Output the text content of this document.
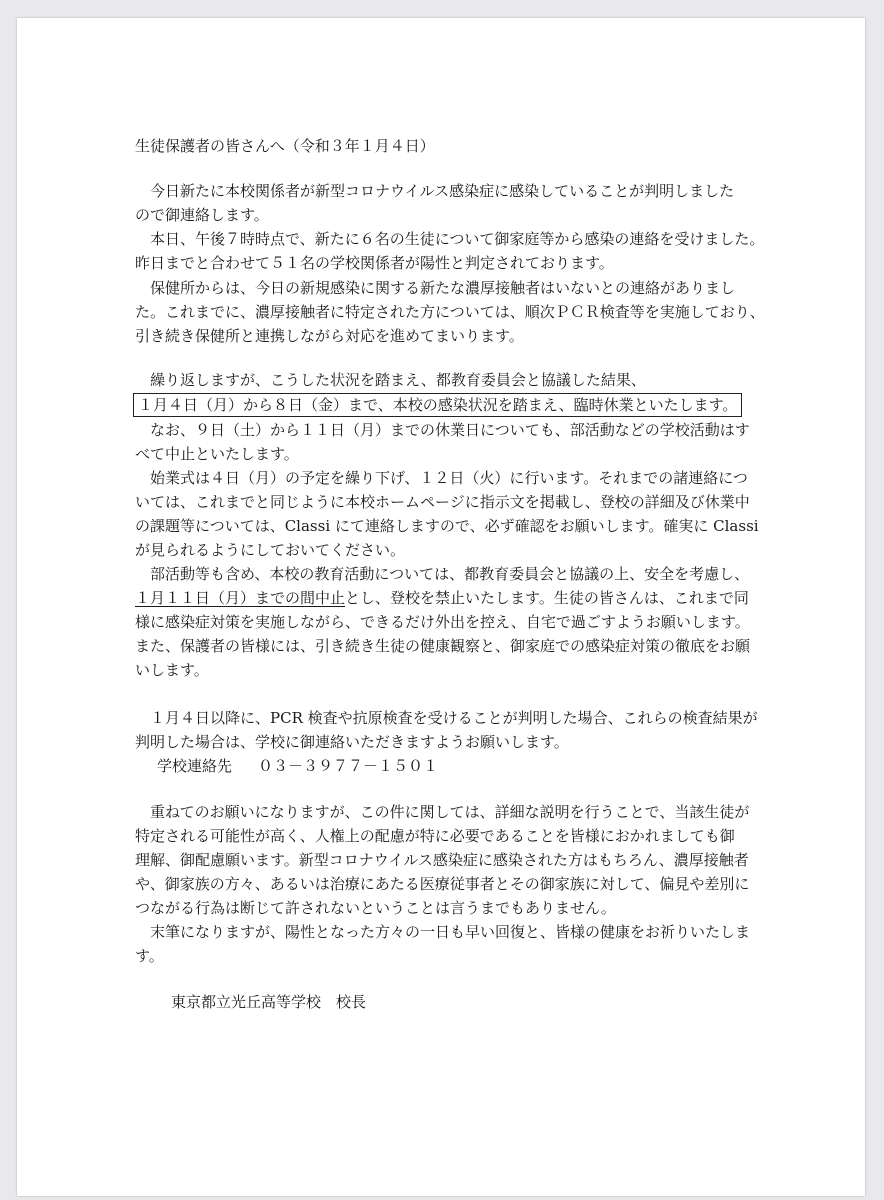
生徒保護者の皆さんへ（令和３年１月４日）
今日新たに本校関係者が新型コロナウイルス感染症に感染していることが判明しました
ので御連絡します。
本日、午後７時時点で、新たに６名の生徒について御家庭等から感染の連絡を受けました。
昨日までと合わせて５１名の学校関係者が陽性と判定されております。
保健所からは、今日の新規感染に関する新たな濃厚接触者はいないとの連絡がありまし
た。これまでに、濃厚接触者に特定された方については、順次ＰＣＲ検査等を実施しており、
引き続き保健所と連携しながら対応を進めてまいります。
繰り返しますが、こうした状況を踏まえ、都教育委員会と協議した結果、
１月４日（月）から８日（金）まで、本校の感染状況を踏まえ、臨時休業といたします。
なお、９日（土）から１１日（月）までの休業日についても、部活動などの学校活動はす
べて中止といたします。
始業式は４日（月）の予定を繰り下げ、１２日（火）に行います。それまでの諸連絡につ
いては、これまでと同じように本校ホームページに指示文を掲載し、登校の詳細及び休業中
の課題等については、Classi にて連絡しますので、必ず確認をお願いします。確実に Classi
が見られるようにしておいてください。
部活動等も含め、本校の教育活動については、都教育委員会と協議の上、安全を考慮し、
１月１１日（月）までの間中止とし、登校を禁止いたします。生徒の皆さんは、これまで同
様に感染症対策を実施しながら、できるだけ外出を控え、自宅で過ごすようお願いします。
また、保護者の皆様には、引き続き生徒の健康観察と、御家庭での感染症対策の徹底をお願
いします。
１月４日以降に、PCR 検査や抗原検査を受けることが判明した場合、これらの検査結果が
判明した場合は、学校に御連絡いただきますようお願いします。
学校連絡先 ０３－３９７７－１５０１
重ねてのお願いになりますが、この件に関しては、詳細な説明を行うことで、当該生徒が
特定される可能性が高く、人権上の配慮が特に必要であることを皆様におかれましても御
理解、御配慮願います。新型コロナウイルス感染症に感染された方はもちろん、濃厚接触者
や、御家族の方々、あるいは治療にあたる医療従事者とその御家族に対して、偏見や差別に
つながる行為は断じて許されないということは言うまでもありません。
末筆になりますが、陽性となった方々の一日も早い回復と、皆様の健康をお祈りいたしま
す。
東京都立光丘高等学校　校長
